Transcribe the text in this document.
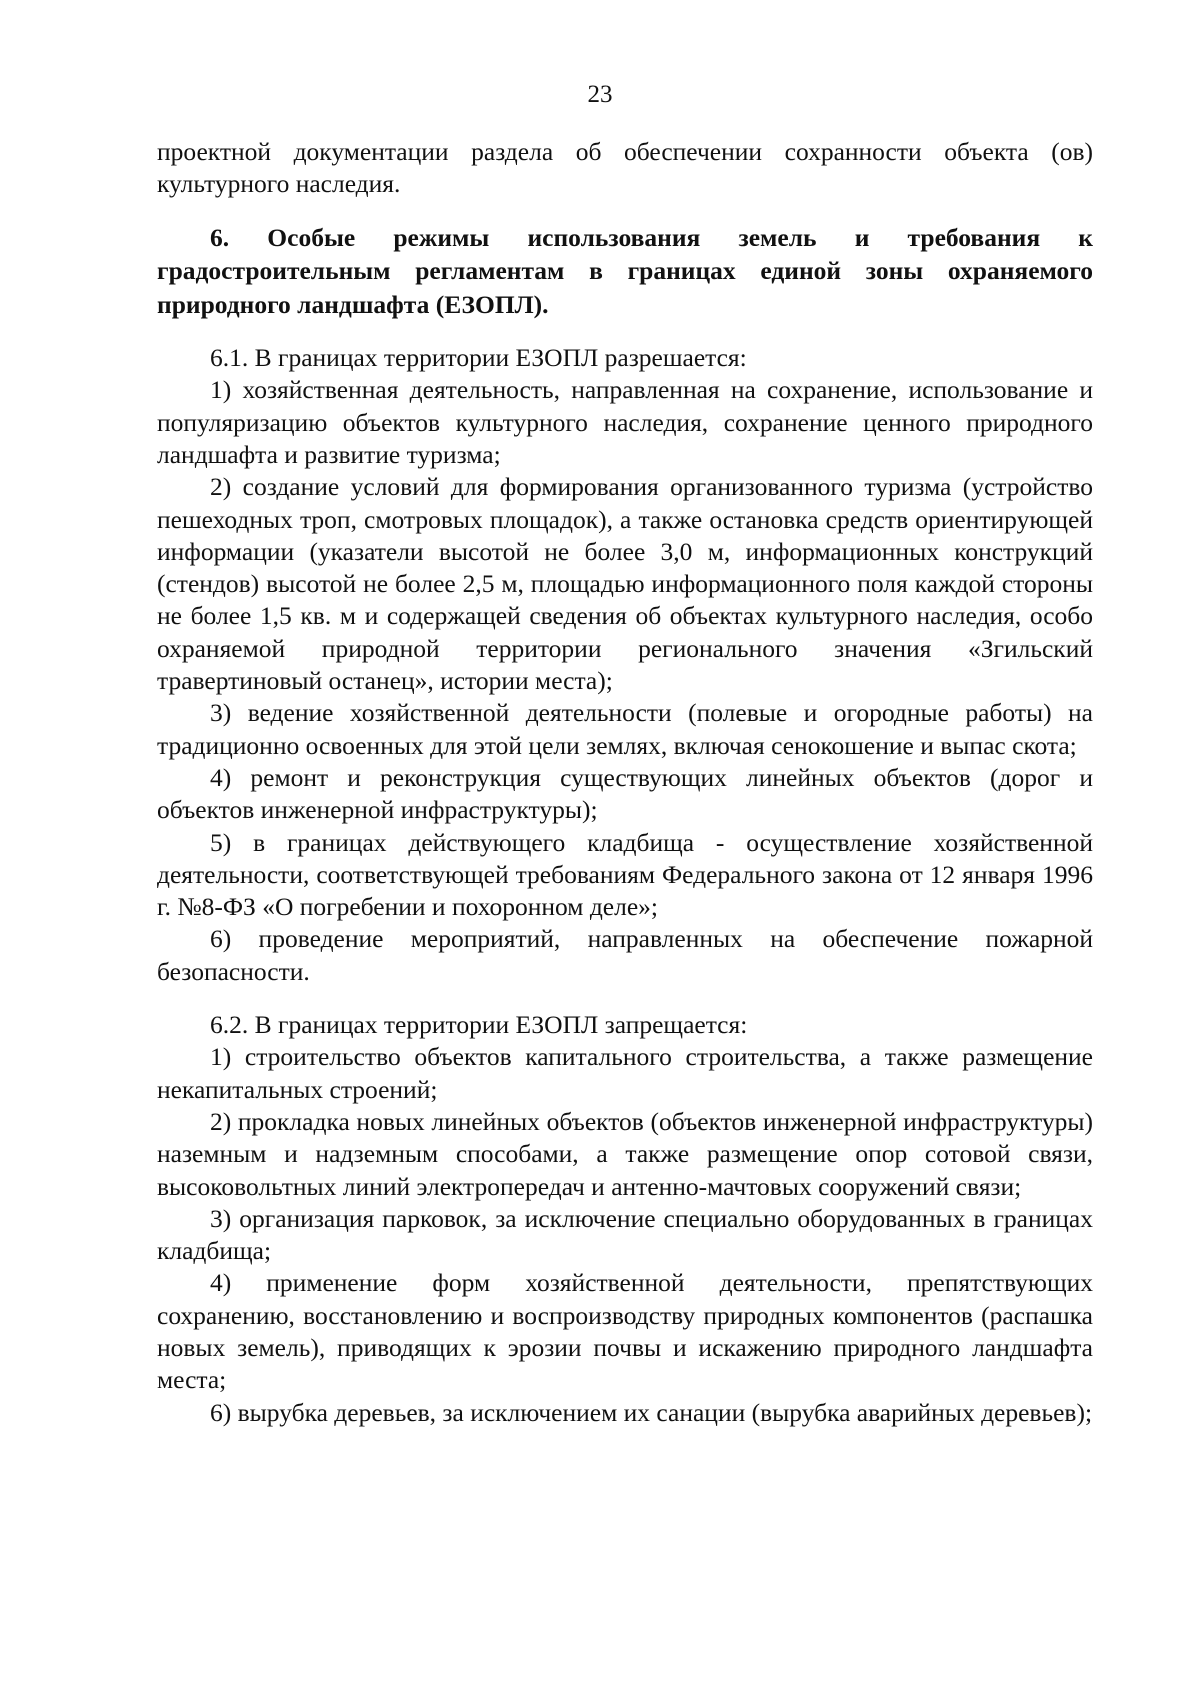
23

проектной документации раздела об обеспечении сохранности объекта (ов) культурного наследия.

6. Особые режимы использования земель и требования к градостроительным регламентам в границах единой зоны охраняемого природного ландшафта (ЕЗОПЛ).

6.1. В границах территории ЕЗОПЛ разрешается:

1) хозяйственная деятельность, направленная на сохранение, использование и популяризацию объектов культурного наследия, сохранение ценного природного ландшафта и развитие туризма;

2) создание условий для формирования организованного туризма (устройство пешеходных троп, смотровых площадок), а также остановка средств ориентирующей информации (указатели высотой не более 3,0 м, информационных конструкций (стендов) высотой не более 2,5 м, площадью информационного поля каждой стороны не более 1,5 кв. м и содержащей сведения об объектах культурного наследия, особо охраняемой природной территории регионального значения «Згильский травертиновый останец», истории места);

3) ведение хозяйственной деятельности (полевые и огородные работы) на традиционно освоенных для этой цели землях, включая сенокошение и выпас скота;

4) ремонт и реконструкция существующих линейных объектов (дорог и объектов инженерной инфраструктуры);

5) в границах действующего кладбища - осуществление хозяйственной деятельности, соответствующей требованиям Федерального закона от 12 января 1996 г. №8-ФЗ «О погребении и похоронном деле»;

6) проведение мероприятий, направленных на обеспечение пожарной безопасности.

6.2. В границах территории ЕЗОПЛ запрещается:

1) строительство объектов капитального строительства, а также размещение некапитальных строений;

2) прокладка новых линейных объектов (объектов инженерной инфраструктуры) наземным и надземным способами, а также размещение опор сотовой связи, высоковольтных линий электропередач и антенно-мачтовых сооружений связи;

3) организация парковок, за исключение специально оборудованных в границах кладбища;

4) применение форм хозяйственной деятельности, препятствующих сохранению, восстановлению и воспроизводству природных компонентов (распашка новых земель), приводящих к эрозии почвы и искажению природного ландшафта места;

6) вырубка деревьев, за исключением их санации (вырубка аварийных деревьев);
